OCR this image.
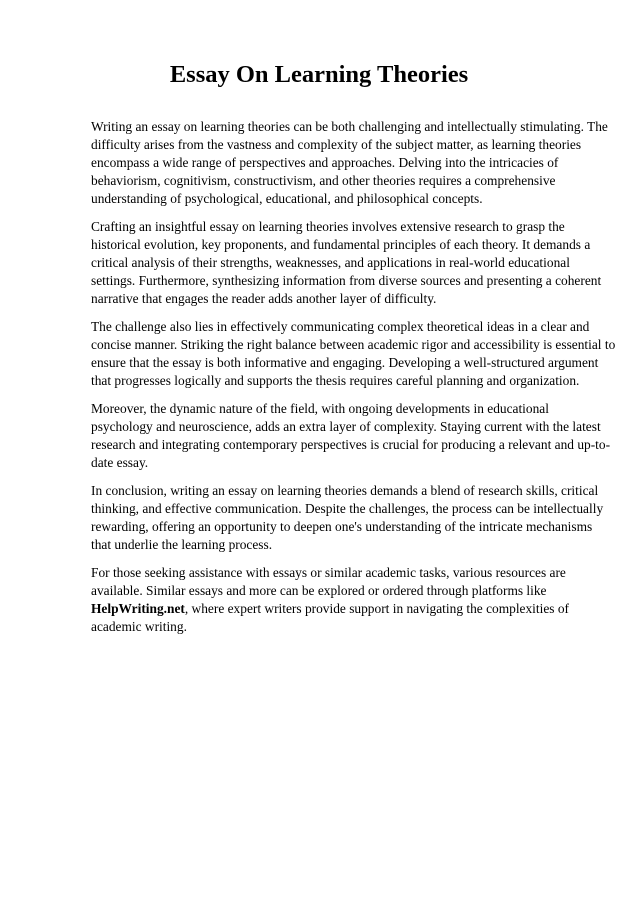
Essay On Learning Theories

Writing an essay on learning theories can be both challenging and intellectually stimulating. The
difficulty arises from the vastness and complexity of the subject matter, as learning theories
encompass a wide range of perspectives and approaches. Delving into the intricacies of
behaviorism, cognitivism, constructivism, and other theories requires a comprehensive
understanding of psychological, educational, and philosophical concepts.

Crafting an insightful essay on learning theories involves extensive research to grasp the
historical evolution, key proponents, and fundamental principles of each theory. It demands a
critical analysis of their strengths, weaknesses, and applications in real-world educational
settings. Furthermore, synthesizing information from diverse sources and presenting a coherent
narrative that engages the reader adds another layer of difficulty.

The challenge also lies in effectively communicating complex theoretical ideas in a clear and
concise manner. Striking the right balance between academic rigor and accessibility is essential to
ensure that the essay is both informative and engaging. Developing a well-structured argument
that progresses logically and supports the thesis requires careful planning and organization.

Moreover, the dynamic nature of the field, with ongoing developments in educational
psychology and neuroscience, adds an extra layer of complexity. Staying current with the latest
research and integrating contemporary perspectives is crucial for producing a relevant and up-to-
date essay.

In conclusion, writing an essay on learning theories demands a blend of research skills, critical
thinking, and effective communication. Despite the challenges, the process can be intellectually
rewarding, offering an opportunity to deepen one's understanding of the intricate mechanisms
that underlie the learning process.

For those seeking assistance with essays or similar academic tasks, various resources are
available. Similar essays and more can be explored or ordered through platforms like
HelpWriting.net, where expert writers provide support in navigating the complexities of
academic writing.
